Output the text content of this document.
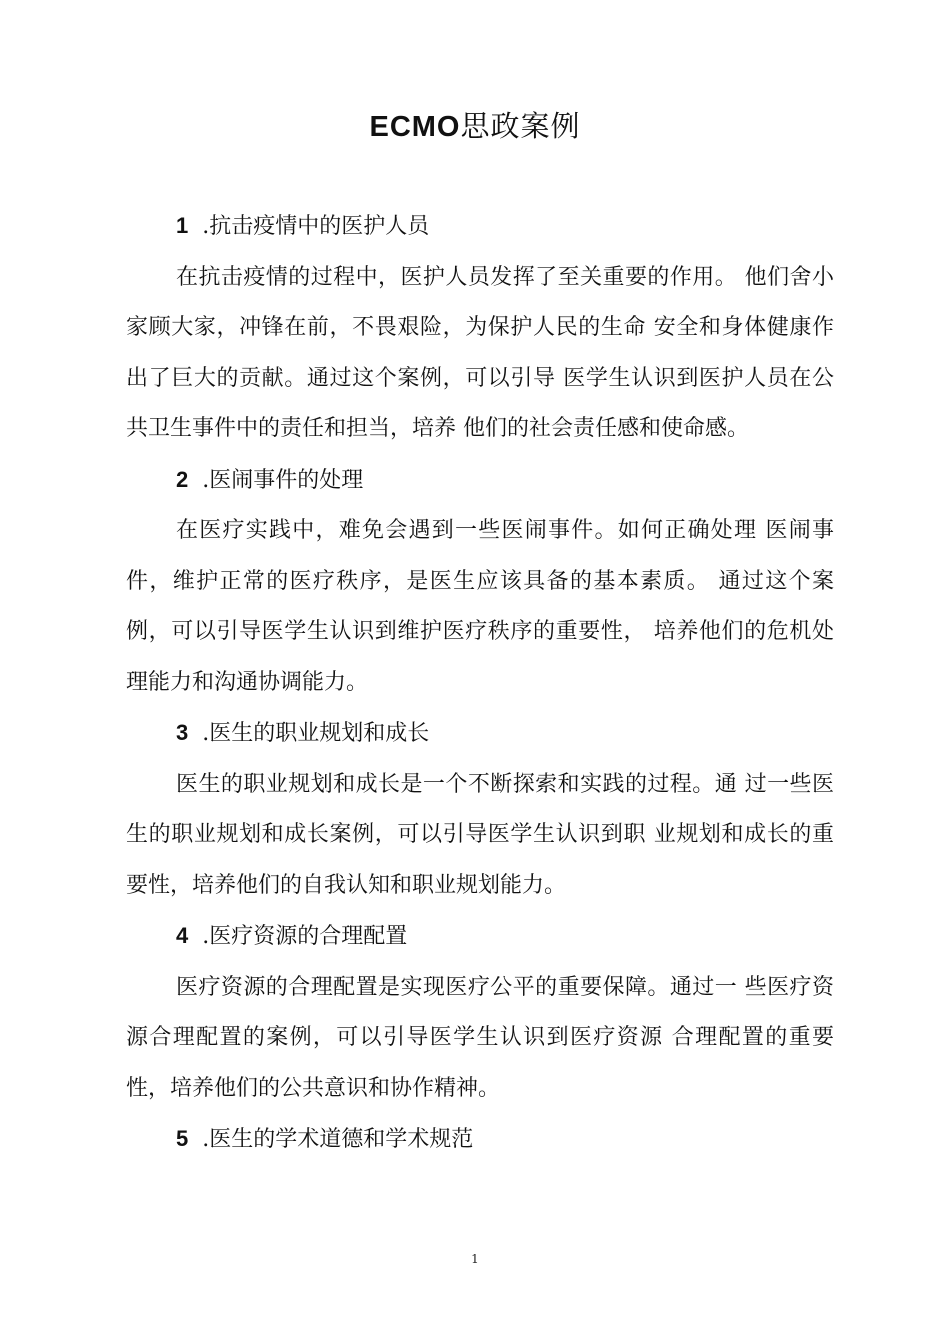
ECMO思政案例

1 .抗击疫情中的医护人员

在抗击疫情的过程中，医护人员发挥了至关重要的作用。 他们舍小家顾大家，冲锋在前，不畏艰险，为保护人民的生命 安全和身体健康作出了巨大的贡献。通过这个案例，可以引导 医学生认识到医护人员在公共卫生事件中的责任和担当，培养 他们的社会责任感和使命感。

2 .医闹事件的处理

在医疗实践中，难免会遇到一些医闹事件。如何正确处理 医闹事件，维护正常的医疗秩序，是医生应该具备的基本素质。 通过这个案例，可以引导医学生认识到维护医疗秩序的重要性， 培养他们的危机处理能力和沟通协调能力。

3 .医生的职业规划和成长

医生的职业规划和成长是一个不断探索和实践的过程。通 过一些医生的职业规划和成长案例，可以引导医学生认识到职 业规划和成长的重要性，培养他们的自我认知和职业规划能力。

4 .医疗资源的合理配置

医疗资源的合理配置是实现医疗公平的重要保障。通过一 些医疗资源合理配置的案例，可以引导医学生认识到医疗资源 合理配置的重要性，培养他们的公共意识和协作精神。

5 .医生的学术道德和学术规范

1
